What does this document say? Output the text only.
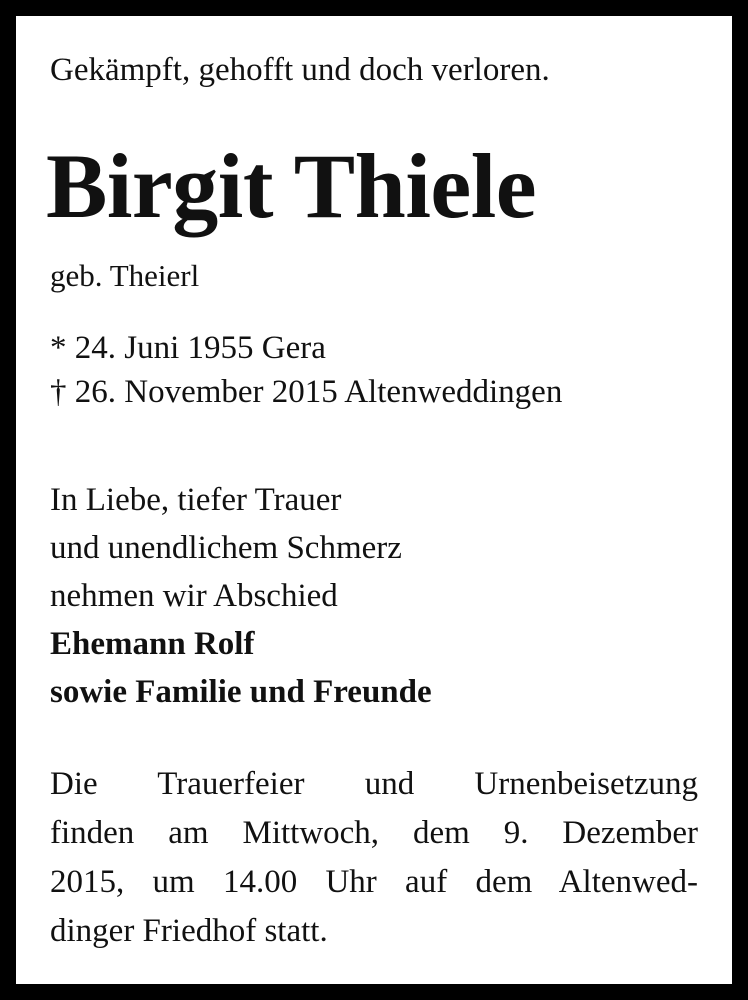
Gekämpft, gehofft und doch verloren.
Birgit Thiele
geb. Theierl
* 24. Juni 1955 Gera
† 26. November 2015 Altenweddingen
In Liebe, tiefer Trauer
und unendlichem Schmerz
nehmen wir Abschied
Ehemann Rolf
sowie Familie und Freunde
Die Trauerfeier und Urnenbeisetzung
finden am Mittwoch, dem 9. Dezember
2015, um 14.00 Uhr auf dem Altenwed-
dinger Friedhof statt.
